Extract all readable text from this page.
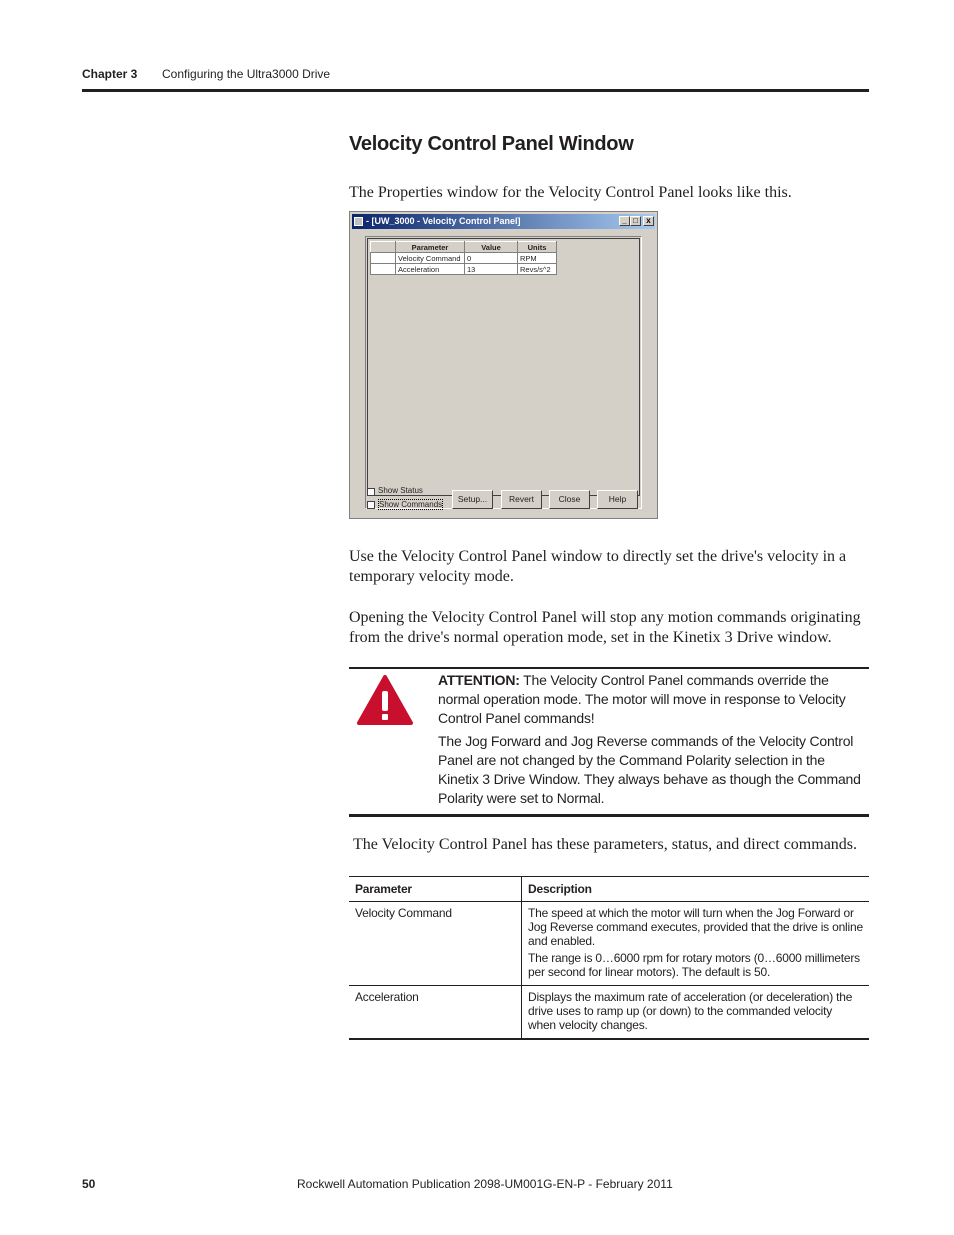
Chapter 3 Configuring the Ultra3000 Drive
Velocity Control Panel Window
The Properties window for the Velocity Control Panel looks like this.
- [UW_3000 - Velocity Control Panel]	_ □	x
	Parameter	Value	Units
	Velocity Command	0	RPM
	Acceleration	13	Revs/s^2
Show Status
Show Commands
Setup...	Revert	Close	Help
Use the Velocity Control Panel window to directly set the drive's velocity in a temporary velocity mode.
Opening the Velocity Control Panel will stop any motion commands originating from the drive's normal operation mode, set in the Kinetix 3 Drive window.
ATTENTION: The Velocity Control Panel commands override the normal operation mode. The motor will move in response to Velocity Control Panel commands!
The Jog Forward and Jog Reverse commands of the Velocity Control Panel are not changed by the Command Polarity selection in the Kinetix 3 Drive Window. They always behave as though the Command Polarity were set to Normal.
The Velocity Control Panel has these parameters, status, and direct commands.
Parameter	Description
Velocity Command	The speed at which the motor will turn when the Jog Forward or Jog Reverse command executes, provided that the drive is online and enabled.

The range is 0…6000 rpm for rotary motors (0…6000 millimeters per second for linear motors). The default is 50.

Acceleration	Displays the maximum rate of acceleration (or deceleration) the drive uses to ramp up (or down) to the commanded velocity when velocity changes.

50	Rockwell Automation Publication 2098-UM001G-EN-P - February 2011
